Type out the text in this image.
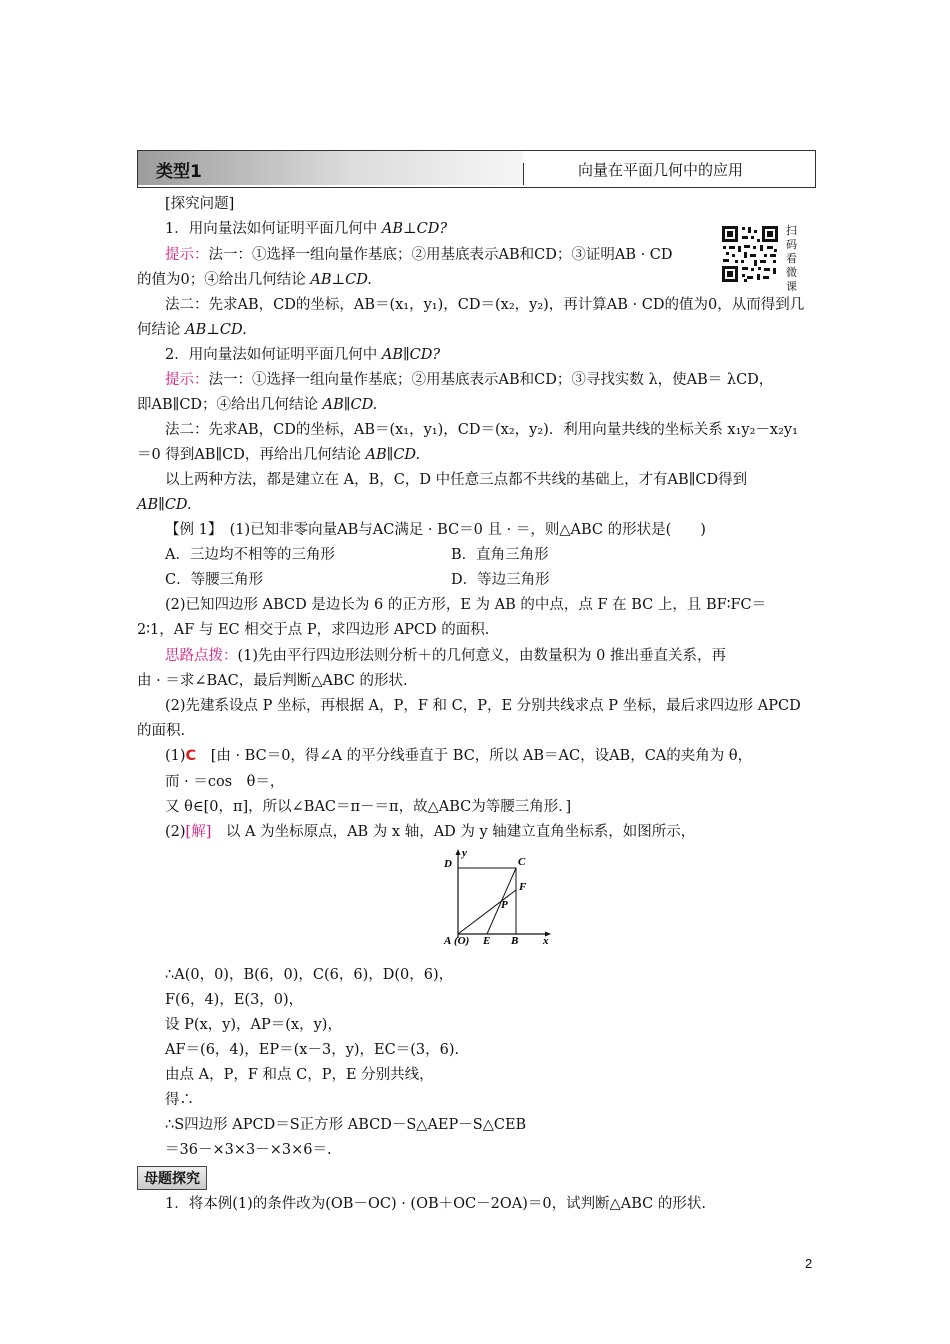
类型1	向量在平面几何中的应用
[探究问题]
1．用向量法如何证明平面几何中 AB⊥CD?
提示：法一：①选择一组向量作基底；②用基底表示AB和CD；③证明AB · CD
的值为0；④给出几何结论 AB⊥CD.
法二：先求AB，CD的坐标，AB＝(x₁，y₁)，CD＝(x₂，y₂)，再计算AB · CD的值为0，从而得到几
何结论 AB⊥CD.
2．用向量法如何证明平面几何中 AB∥CD?
提示：法一：①选择一组向量作基底；②用基底表示AB和CD；③寻找实数 λ，使AB＝ λCD，
即AB∥CD；④给出几何结论 AB∥CD.
法二：先求AB，CD的坐标，AB＝(x₁，y₁)，CD＝(x₂，y₂)．利用向量共线的坐标关系 x₁y₂－x₂y₁
＝0 得到AB∥CD，再给出几何结论 AB∥CD.
以上两种方法，都是建立在 A，B，C，D 中任意三点都不共线的基础上，才有AB∥CD得到
AB∥CD.
【例 1】　(1)已知非零向量AB与AC满足 · BC＝0 且 · ＝，则△ABC 的形状是(　　)
A．三边均不相等的三角形	B．直角三角形
C．等腰三角形	D．等边三角形
(2)已知四边形 ABCD 是边长为 6 的正方形，E 为 AB 的中点，点 F 在 BC 上，且 BF∶FC＝
2∶1，AF 与 EC 相交于点 P，求四边形 APCD 的面积.
思路点拨：(1)先由平行四边形法则分析＋的几何意义，由数量积为 0 推出垂直关系，再
由 · ＝求∠BAC，最后判断△ABC 的形状.
(2)先建系设点 P 坐标，再根据 A，P，F 和 C，P，E 分别共线求点 P 坐标，最后求四边形 APCD
的面积.
(1)C　[由 · BC＝0，得∠A 的平分线垂直于 BC，所以 AB＝AC，设AB，CA的夹角为 θ，
而 · ＝cos　θ＝，
又 θ∈[0，π]，所以∠BAC＝π－＝π，故△ABC为等腰三角形．]
(2)[解]　以 A 为坐标原点，AB 为 x 轴，AD 为 y 轴建立直角坐标系，如图所示，
扫码看微课
D	C
F
P
A (O) E B x
y
∴A(0，0)，B(6，0)，C(6，6)，D(0，6)，
F(6，4)，E(3，0)，
设 P(x，y)，AP＝(x，y)，
AF＝(6，4)，EP＝(x－3，y)，EC＝(3，6).
由点 A，P，F 和点 C，P，E 分别共线，
得∴
∴S四边形 APCD＝S正方形 ABCD－S△AEP－S△CEB
＝36－×3×3－×3×6＝.
母题探究
1．将本例(1)的条件改为(OB－OC) · (OB＋OC－2OA)＝0，试判断△ABC 的形状.
2
